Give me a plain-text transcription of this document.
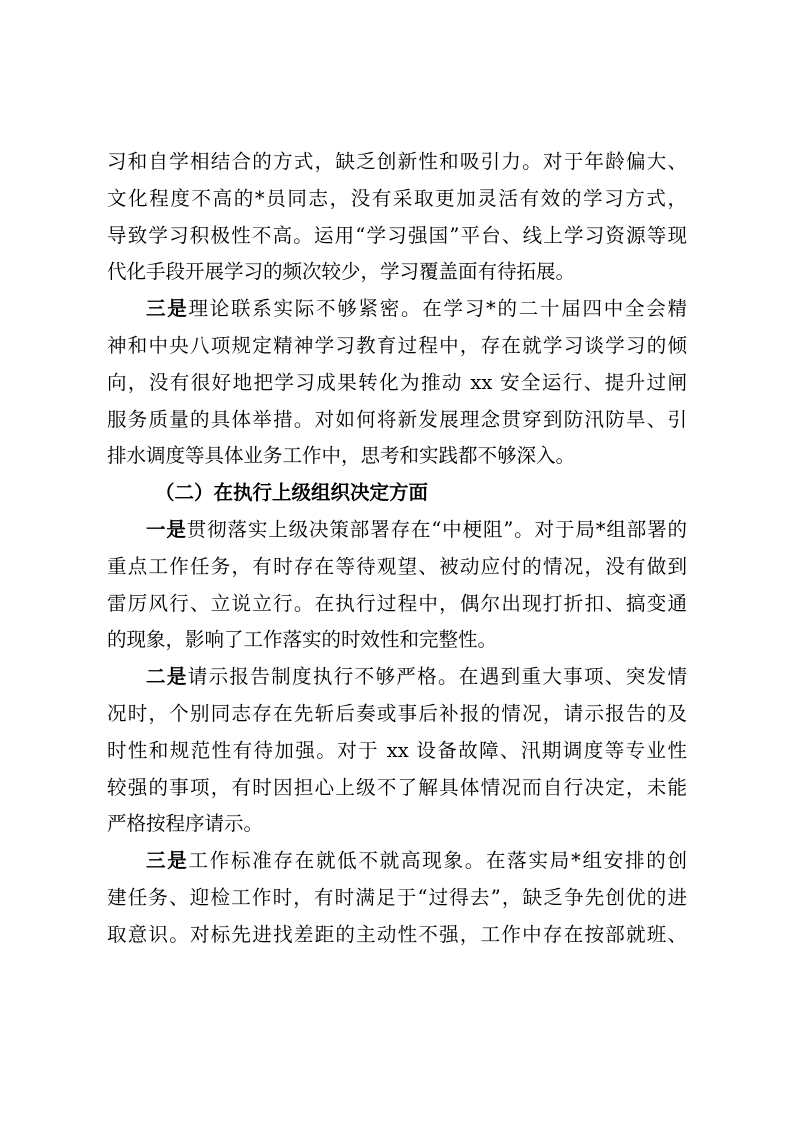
习和自学相结合的方式，缺乏创新性和吸引力。对于年龄偏大、
文化程度不高的*员同志，没有采取更加灵活有效的学习方式，
导致学习积极性不高。运用“学习强国”平台、线上学习资源等现
代化手段开展学习的频次较少，学习覆盖面有待拓展。
三是理论联系实际不够紧密。在学习*的二十届四中全会精
神和中央八项规定精神学习教育过程中，存在就学习谈学习的倾
向，没有很好地把学习成果转化为推动 xx 安全运行、提升过闸
服务质量的具体举措。对如何将新发展理念贯穿到防汛防旱、引
排水调度等具体业务工作中，思考和实践都不够深入。
（二）在执行上级组织决定方面
一是贯彻落实上级决策部署存在“中梗阻”。对于局*组部署的
重点工作任务，有时存在等待观望、被动应付的情况，没有做到
雷厉风行、立说立行。在执行过程中，偶尔出现打折扣、搞变通
的现象，影响了工作落实的时效性和完整性。
二是请示报告制度执行不够严格。在遇到重大事项、突发情
况时，个别同志存在先斩后奏或事后补报的情况，请示报告的及
时性和规范性有待加强。对于 xx 设备故障、汛期调度等专业性
较强的事项，有时因担心上级不了解具体情况而自行决定，未能
严格按程序请示。
三是工作标准存在就低不就高现象。在落实局*组安排的创
建任务、迎检工作时，有时满足于“过得去”，缺乏争先创优的进
取意识。对标先进找差距的主动性不强，工作中存在按部就班、
